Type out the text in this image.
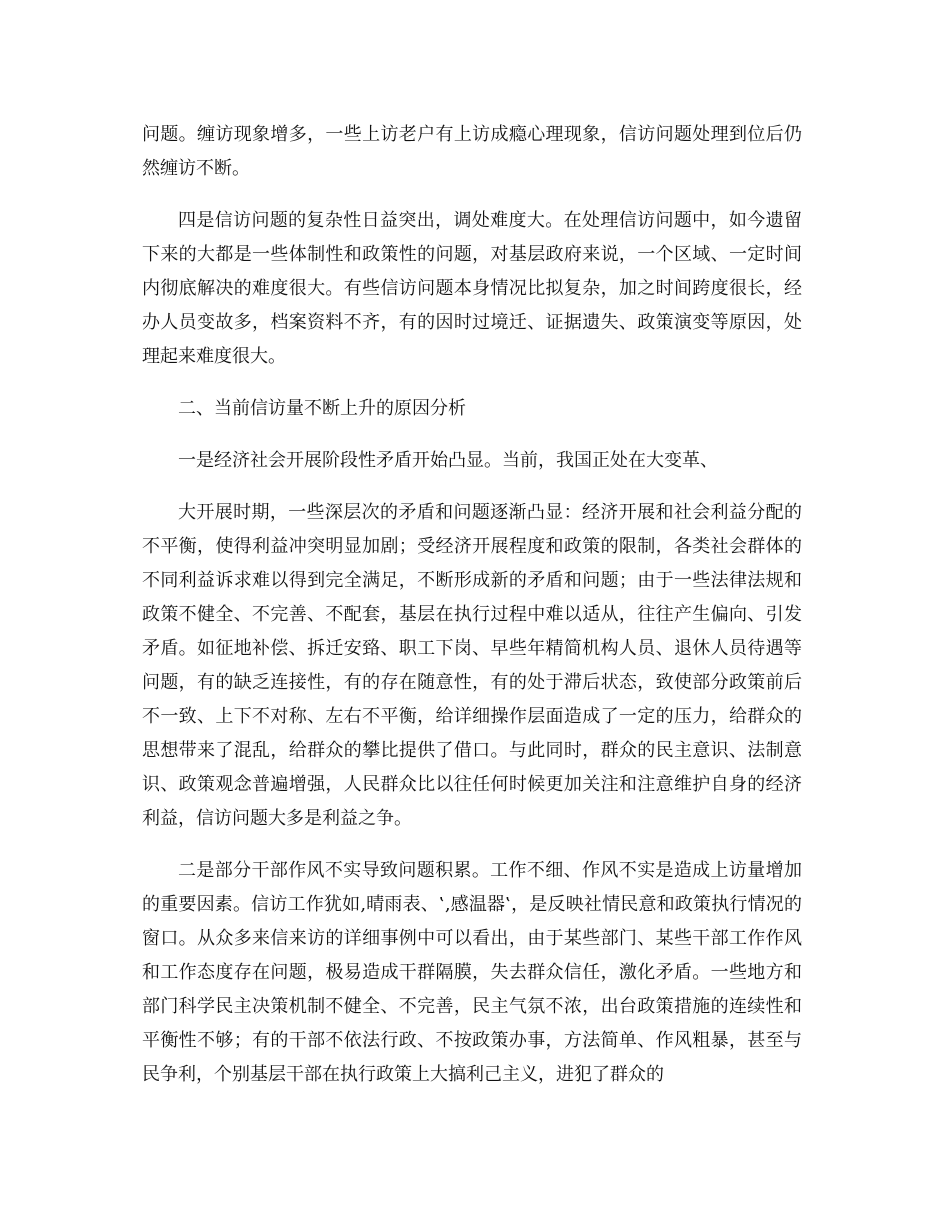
问题。缠访现象增多，一些上访老户有上访成瘾心理现象，信访问题处理到位后仍然缠访不断。

四是信访问题的复杂性日益突出，调处难度大。在处理信访问题中，如今遗留下来的大都是一些体制性和政策性的问题，对基层政府来说，一个区域、一定时间内彻底解决的难度很大。有些信访问题本身情况比拟复杂，加之时间跨度很长，经办人员变故多，档案资料不齐，有的因时过境迁、证据遗失、政策演变等原因，处理起来难度很大。

二、当前信访量不断上升的原因分析

一是经济社会开展阶段性矛盾开始凸显。当前，我国正处在大变革、

大开展时期，一些深层次的矛盾和问题逐渐凸显：经济开展和社会利益分配的不平衡，使得利益冲突明显加剧；受经济开展程度和政策的限制，各类社会群体的不同利益诉求难以得到完全满足，不断形成新的矛盾和问题；由于一些法律法规和政策不健全、不完善、不配套，基层在执行过程中难以适从，往往产生偏向、引发矛盾。如征地补偿、拆迁安臵、职工下岗、早些年精简机构人员、退休人员待遇等问题，有的缺乏连接性，有的存在随意性，有的处于滞后状态，致使部分政策前后不一致、上下不对称、左右不平衡，给详细操作层面造成了一定的压力，给群众的思想带来了混乱，给群众的攀比提供了借口。与此同时，群众的民主意识、法制意识、政策观念普遍增强，人民群众比以往任何时候更加关注和注意维护自身的经济利益，信访问题大多是利益之争。

二是部分干部作风不实导致问题积累。工作不细、作风不实是造成上访量增加的重要因素。信访工作犹如‚晴雨表、‛‚感温器‛，是反映社情民意和政策执行情况的窗口。从众多来信来访的详细事例中可以看出，由于某些部门、某些干部工作作风和工作态度存在问题，极易造成干群隔膜，失去群众信任，激化矛盾。一些地方和部门科学民主决策机制不健全、不完善，民主气氛不浓，出台政策措施的连续性和平衡性不够；有的干部不依法行政、不按政策办事，方法简单、作风粗暴，甚至与民争利，个别基层干部在执行政策上大搞利己主义，进犯了群众的
